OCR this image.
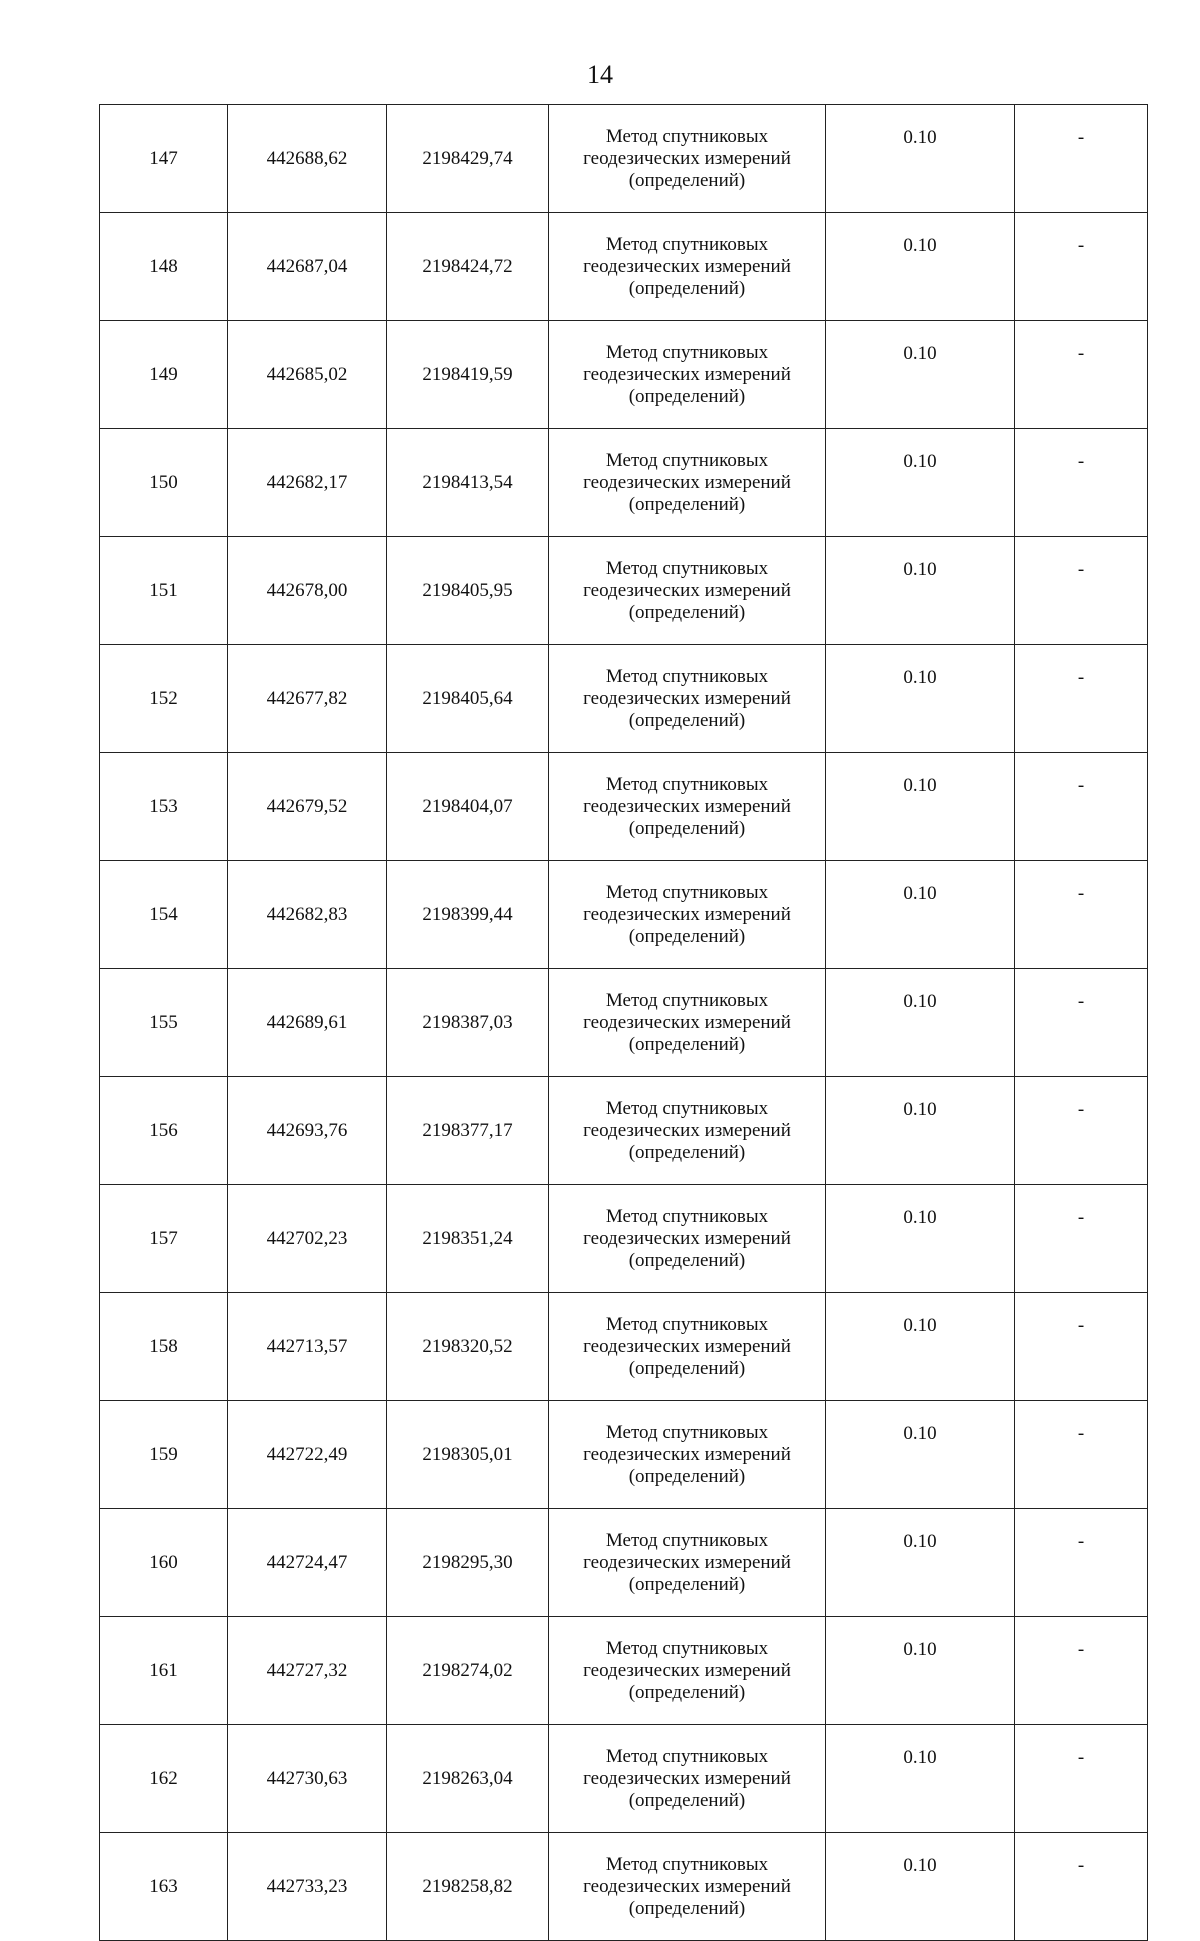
14
147	442688,62	2198429,74	Метод спутниковых
геодезических измерений
(определений)	0.10	-
148	442687,04	2198424,72	Метод спутниковых
геодезических измерений
(определений)	0.10	-
149	442685,02	2198419,59	Метод спутниковых
геодезических измерений
(определений)	0.10	-
150	442682,17	2198413,54	Метод спутниковых
геодезических измерений
(определений)	0.10	-
151	442678,00	2198405,95	Метод спутниковых
геодезических измерений
(определений)	0.10	-
152	442677,82	2198405,64	Метод спутниковых
геодезических измерений
(определений)	0.10	-
153	442679,52	2198404,07	Метод спутниковых
геодезических измерений
(определений)	0.10	-
154	442682,83	2198399,44	Метод спутниковых
геодезических измерений
(определений)	0.10	-
155	442689,61	2198387,03	Метод спутниковых
геодезических измерений
(определений)	0.10	-
156	442693,76	2198377,17	Метод спутниковых
геодезических измерений
(определений)	0.10	-
157	442702,23	2198351,24	Метод спутниковых
геодезических измерений
(определений)	0.10	-
158	442713,57	2198320,52	Метод спутниковых
геодезических измерений
(определений)	0.10	-
159	442722,49	2198305,01	Метод спутниковых
геодезических измерений
(определений)	0.10	-
160	442724,47	2198295,30	Метод спутниковых
геодезических измерений
(определений)	0.10	-
161	442727,32	2198274,02	Метод спутниковых
геодезических измерений
(определений)	0.10	-
162	442730,63	2198263,04	Метод спутниковых
геодезических измерений
(определений)	0.10	-
163	442733,23	2198258,82	Метод спутниковых
геодезических измерений
(определений)	0.10	-
